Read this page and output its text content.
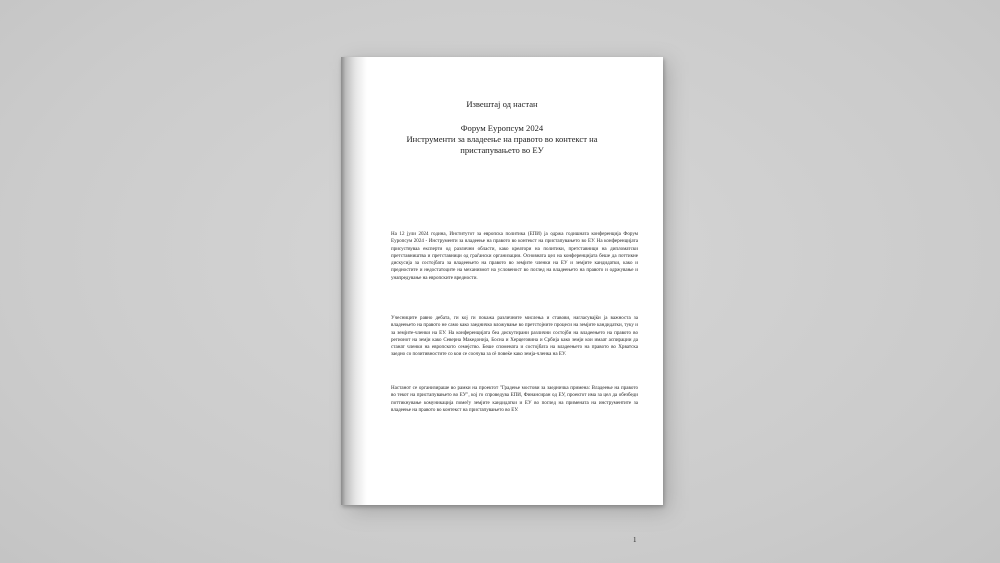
Извештај од настан
Форум Еуропсум 2024
Инструменти за владеење на правото во контекст на
пристапувањето во ЕУ
На 12 јули 2024 година, Институтот за европска политика (ЕПИ) ја одржа годишната конференција Форум Еуропсум 2024 - Инструменти за владеење на правото во контекст на пристапувањето во ЕУ. На конференцијата присуствуваа експерти од различни области, како креатори на политики, претставници на дипломатски претставништва и претставници од граѓански организации. Основната цел на конференцијата беше да поттикне дискусија за состојбата за владеењето на правото во земјите членки на ЕУ и земјите кандидатки, како и предностите и недостатоците на механизмот на условеност во поглед на владеењето на правото и одржување и унапредување на европските вредности.
Учесниците равно дебата, ги кој ги покажа различните мислења и ставови, нагласувајќи ја важноста за владеењето на правото не само како заедничко вложување во претстојните процеси на земјите кандидатки, туку и за земјите-членки на ЕУ. На конференцијата беа дискутирани различни состојби на владеењето на правото во регионот на земји како Северна Македонија, Босна и Херцеговина и Србија како земји кои имаат аспирации да станат членки на европското семејство. Беше спомената и состојбата на владеењето на правото во Хрватска заедно со позитивностите со кои се соочува за сѐ повеќе како земја-членка на ЕУ.
Настанот се организираше во рамки на проектот "Градење мостови за заедничка примена: Владеење на правото во текот на пристапувањето во ЕУ", кој го спроведува ЕПИ, Финансиран од ЕУ, проектот има за цел да обезбеди поттикнување комуникација помеѓу земјите кандидатки и ЕУ во поглед на примената на инструментите за владеење на правото во контекст на пристапувањето во ЕУ.
1
